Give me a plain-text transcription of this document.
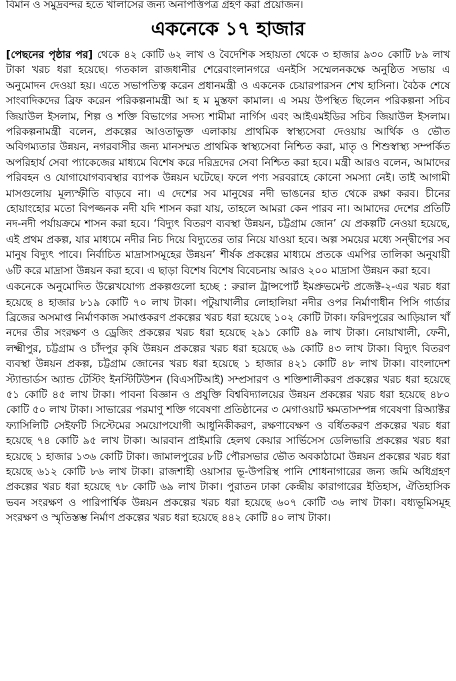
বিমান ও সমুদ্রবন্দর হতে খালাসের জন্য অনাপত্তিপত্র গ্রহণ করা প্রয়োজন।
একনেকে ১৭ হাজার
[পেছনের পৃষ্ঠার পর] থেকে ৪২ কোটি ৬২ লাখ ও বৈদেশিক সহায়তা থেকে ৩ হাজার ৯৩০ কোটি ৮৯ লাখ টাকা খরচ ধরা হয়েছে। গতকাল রাজধানীর শেরেবাংলানগরে এনইসি সম্মেলনকক্ষে অনুষ্ঠিত সভায় এ অনুমোদন দেওয়া হয়। এতে সভাপতিত্ব করেন প্রধানমন্ত্রী ও একনেক চেয়ারপারসন শেখ হাসিনা। বৈঠক শেষে সাংবাদিকদের ব্রিফ করেন পরিকল্পনামন্ত্রী আ হ ম মুস্তফা কামাল। এ সময় উপস্থিত ছিলেন পরিকল্পনা সচিব জিয়াউল ইসলাম, শিল্প ও শক্তি বিভাগের সদস্য শামীমা নার্গিস এবং আইএমইডির সচিব জিয়াউল ইসলাম। পরিকল্পনামন্ত্রী বলেন, প্রকল্পের আওতাভুক্ত এলাকায় প্রাথমিক স্বাস্থ্যসেবা দেওয়ায় আর্থিক ও ভৌত অবিগম্যতার উন্নয়ন, নগরবাসীর জন্য মানসম্মত প্রাথমিক স্বাস্থ্যসেবা নিশ্চিত করা, মাতৃ ও শিশুস্বাস্থ্য সম্পর্কিত অপরিহার্য সেবা প্যাকেজের মাধ্যমে বিশেষ করে দরিদ্রদের সেবা নিশ্চিত করা হবে। মন্ত্রী আরও বলেন, আমাদের পরিবহন ও যোগাযোগব্যবস্থার ব্যাপক উন্নয়ন ঘটেছে। ফলে পণ্য সরবরাহে কোনো সমস্যা নেই। তাই আগামী মাসগুলোয় মূল্যস্ফীতি বাড়বে না। এ দেশের সব মানুষের নদী ভাঙনের হাত থেকে রক্ষা করব। চীনের হোয়াংহোর মতো বিপজ্জনক নদী যদি শাসন করা যায়, তাহলে আমরা কেন পারব না। আমাদের দেশের প্রতিটি নদ-নদী পর্যায়ক্রমে শাসন করা হবে। ‘বিদ্যুৎ বিতরণ ব্যবস্থা উন্নয়ন, চট্টগ্রাম জোন’ যে প্রকল্পটি নেওয়া হয়েছে, এই প্রথম প্রকল্প, যার মাধ্যমে নদীর নিচ দিয়ে বিদ্যুতের তার নিয়ে যাওয়া হবে। অল্প সময়ের মধ্যে সন্দ্বীপের সব মানুষ বিদ্যুৎ পাবে। নির্বাচিত মাদ্রাসাসমূহের উন্নয়ন’ শীর্ষক প্রকল্পের মাধ্যমে প্রতকে এমপির তালিকা অনুযায়ী ৬টি করে মাদ্রাসা উন্নয়ন করা হবে। এ ছাড়া বিশেষ বিশেষ বিবেচনায় আরও ২০০ মাদ্রাসা উন্নয়ন করা হবে।
একনেকে অনুমোদিত উল্লেখযোগ্য প্রকল্পগুলো হচ্ছে : রুরাল ট্রান্সপোর্ট ইমপ্রুভমেন্ট প্রজেক্ট-২-এর খরচ ধরা হয়েছে ৪ হাজার ৮১৯ কোটি ৭০ লাখ টাকা। পটুয়াখালীর লোহালিয়া নদীর ওপর নির্মাণাধীন পিসি গার্ডার ব্রিজের অসমাপ্ত নির্মাণকাজ সমাপ্তকরণ প্রকল্পের খরচ ধরা হয়েছে ১০২ কোটি টাকা। ফরিদপুরের আড়িয়াল খাঁ নদের তীর সংরক্ষণ ও ড্রেজিং প্রকল্পের খরচ ধরা হয়েছে ২৯১ কোটি ৪৯ লাখ টাকা। নোয়াখালী, ফেনী, লক্ষ্মীপুর, চট্টগ্রাম ও চাঁদপুর কৃষি উন্নয়ন প্রকল্পের খরচ ধরা হয়েছে ৬৯ কোটি ৪৩ লাখ টাকা। বিদ্যুৎ বিতরণ ব্যবস্থা উন্নয়ন প্রকল্প, চট্টগ্রাম জোনের খরচ ধরা হয়েছে ১ হাজার ৪২১ কোটি ৪৮ লাখ টাকা। বাংলাদেশ স্ট্যান্ডার্ডস অ্যান্ড টেস্টিং ইনস্টিটিউশন (বিএসটিআই) সম্প্রসারণ ও শক্তিশালীকরণ প্রকল্পের খরচ ধরা হয়েছে ৫১ কোটি ৪৫ লাখ টাকা। পাবনা বিজ্ঞান ও প্রযুক্তি বিশ্ববিদ্যালয়ের উন্নয়ন প্রকল্পের খরচ ধরা হয়েছে ৪৮০ কোটি ৫০ লাখ টাকা। সাভারের পরমাণু শক্তি গবেষণা প্রতিষ্ঠানের ৩ মেগাওয়াট ক্ষমতাসম্পন্ন গবেষণা রিঅ্যাক্টর ফ্যাসিলিটি সেইফটি সিস্টেমের সময়োপযোগী আধুনিকীকরণ, রক্ষণাবেক্ষণ ও বর্ধিতকরণ প্রকল্পের খরচ ধরা হয়েছে ৭৪ কোটি ৯৫ লাখ টাকা। আরবান প্রাইমারি হেলথ কেয়ার সার্ভিসেস ডেলিভারি প্রকল্পের খরচ ধরা হয়েছে ১ হাজার ১৩৬ কোটি টাকা। জামালপুরের ৮টি পৌরসভার ভৌত অবকাঠামো উন্নয়ন প্রকল্পের খরচ ধরা হয়েছে ৬১২ কোটি ৮৬ লাখ টাকা। রাজশাহী ওয়াসার ভূ-উপরিস্থ পানি শোধনাগারের জন্য জমি অধিগ্রহণ প্রকল্পের খরচ ধরা হয়েছে ৭৮ কোটি ৬৯ লাখ টাকা। পুরাতন ঢাকা কেন্দ্রীয় কারাগারের ইতিহাস, ঐতিহাসিক ভবন সংরক্ষণ ও পারিপার্শ্বিক উন্নয়ন প্রকল্পের খরচ ধরা হয়েছে ৬০৭ কোটি ৩৬ লাখ টাকা। বধ্যভূমিসমূহ সংরক্ষণ ও স্মৃতিস্তম্ভ নির্মাণ প্রকল্পের খরচ ধরা হয়েছে ৪৪২ কোটি ৪০ লাখ টাকা।
